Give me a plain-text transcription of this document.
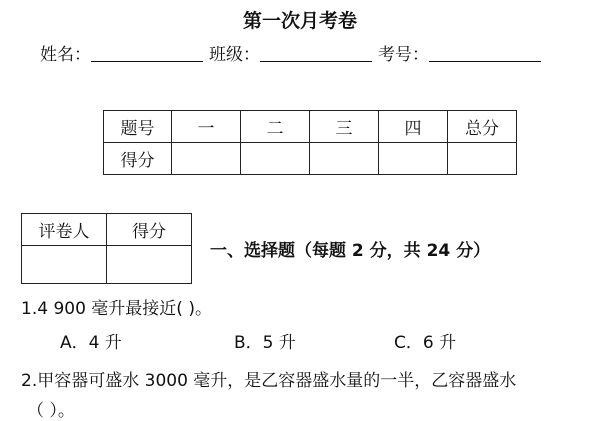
第一次月考卷
姓名：	班级：	考号：
题号	一	二	三	四	总分
得分					
评卷人	得分

一、选择题（每题 2 分，共 24 分）
1.4 900 毫升最接近( )。
A．4 升	B．5 升	C．6 升
2.甲容器可盛水 3000 毫升，是乙容器盛水量的一半，乙容器盛水
（ ）。
